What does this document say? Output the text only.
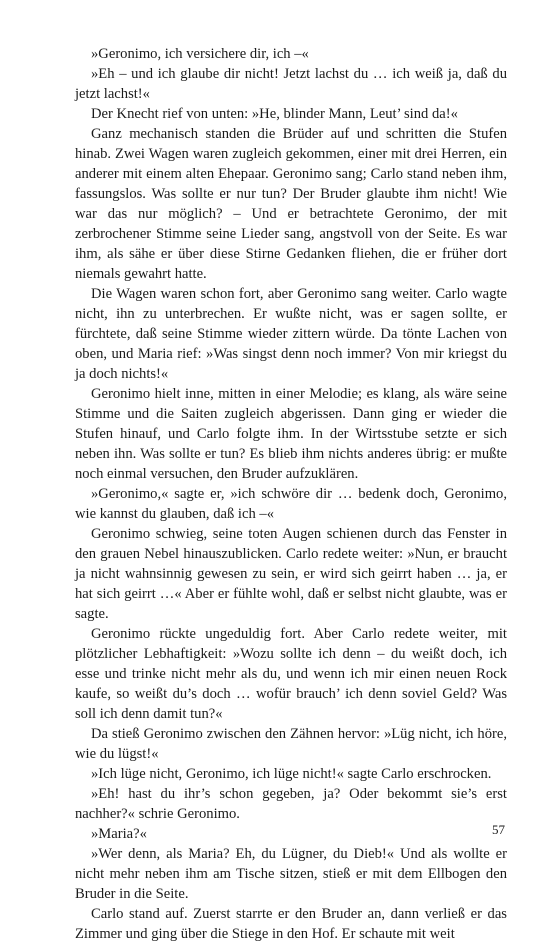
»Geronimo, ich versichere dir, ich –«

»Eh – und ich glaube dir nicht! Jetzt lachst du … ich weiß ja, daß du jetzt lachst!«

Der Knecht rief von unten: »He, blinder Mann, Leut’ sind da!«

Ganz mechanisch standen die Brüder auf und schritten die Stufen hinab. Zwei Wagen waren zugleich gekommen, einer mit drei Herren, ein anderer mit einem alten Ehepaar. Geronimo sang; Carlo stand neben ihm, fassungslos. Was sollte er nur tun? Der Bruder glaubte ihm nicht! Wie war das nur möglich? – Und er betrachtete Geronimo, der mit zerbrochener Stimme seine Lieder sang, angstvoll von der Seite. Es war ihm, als sähe er über diese Stirne Gedanken fliehen, die er früher dort niemals gewahrt hatte.

Die Wagen waren schon fort, aber Geronimo sang weiter. Carlo wagte nicht, ihn zu unterbrechen. Er wußte nicht, was er sagen sollte, er fürchtete, daß seine Stimme wieder zittern würde. Da tönte Lachen von oben, und Maria rief: »Was singst denn noch immer? Von mir kriegst du ja doch nichts!«

Geronimo hielt inne, mitten in einer Melodie; es klang, als wäre seine Stimme und die Saiten zugleich abgerissen. Dann ging er wieder die Stufen hinauf, und Carlo folgte ihm. In der Wirtsstube setzte er sich neben ihn. Was sollte er tun? Es blieb ihm nichts anderes übrig: er mußte noch einmal versuchen, den Bruder aufzuklären.

»Geronimo,« sagte er, »ich schwöre dir … bedenk doch, Geronimo, wie kannst du glauben, daß ich –«

Geronimo schwieg, seine toten Augen schienen durch das Fenster in den grauen Nebel hinauszublicken. Carlo redete weiter: »Nun, er braucht ja nicht wahnsinnig gewesen zu sein, er wird sich geirrt haben … ja, er hat sich geirrt …« Aber er fühlte wohl, daß er selbst nicht glaubte, was er sagte.

Geronimo rückte ungeduldig fort. Aber Carlo redete weiter, mit plötzlicher Lebhaftigkeit: »Wozu sollte ich denn – du weißt doch, ich esse und trinke nicht mehr als du, und wenn ich mir einen neuen Rock kaufe, so weißt du’s doch … wofür brauch’ ich denn soviel Geld? Was soll ich denn damit tun?«

Da stieß Geronimo zwischen den Zähnen hervor: »Lüg nicht, ich höre, wie du lügst!«

»Ich lüge nicht, Geronimo, ich lüge nicht!« sagte Carlo erschrocken.

»Eh! hast du ihr’s schon gegeben, ja? Oder bekommt sie’s erst nachher?« schrie Geronimo.

»Maria?«

»Wer denn, als Maria? Eh, du Lügner, du Dieb!« Und als wollte er nicht mehr neben ihm am Tische sitzen, stieß er mit dem Ellbogen den Bruder in die Seite.

Carlo stand auf. Zuerst starrte er den Bruder an, dann verließ er das Zimmer und ging über die Stiege in den Hof. Er schaute mit weit

57
